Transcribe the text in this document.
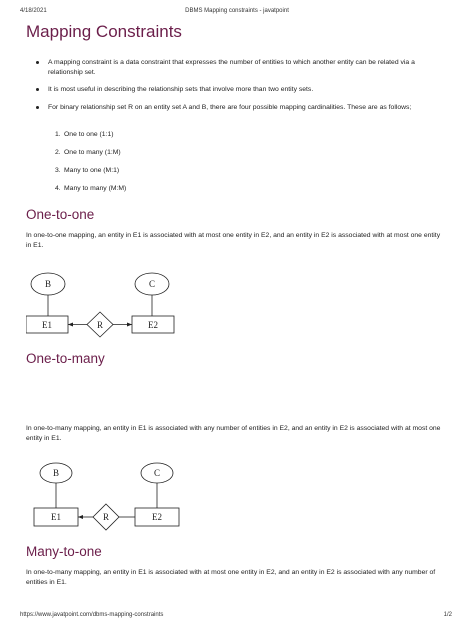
4/18/2021	DBMS Mapping constraints - javatpoint
Mapping Constraints
A mapping constraint is a data constraint that expresses the number of entities to which another entity can be related via a relationship set.
It is most useful in describing the relationship sets that involve more than two entity sets.
For binary relationship set R on an entity set A and B, there are four possible mapping cardinalities. These are as follows;
1. One to one (1:1)
2. One to many (1:M)
3. Many to one (M:1)
4. Many to many (M:M)
One-to-one

In one-to-one mapping, an entity in E1 is associated with at most one entity in E2, and an entity in E2 is associated with at most one entity in E1.

B	C
E1	E2
R
One-to-many

In one-to-many mapping, an entity in E1 is associated with any number of entities in E2, and an entity in E2 is associated with at most one entity in E1.

B	C
E1	E2
R
Many-to-one

In one-to-many mapping, an entity in E1 is associated with at most one entity in E2, and an entity in E2 is associated with any number of entities in E1.

https://www.javatpoint.com/dbms-mapping-constraints	1/2
